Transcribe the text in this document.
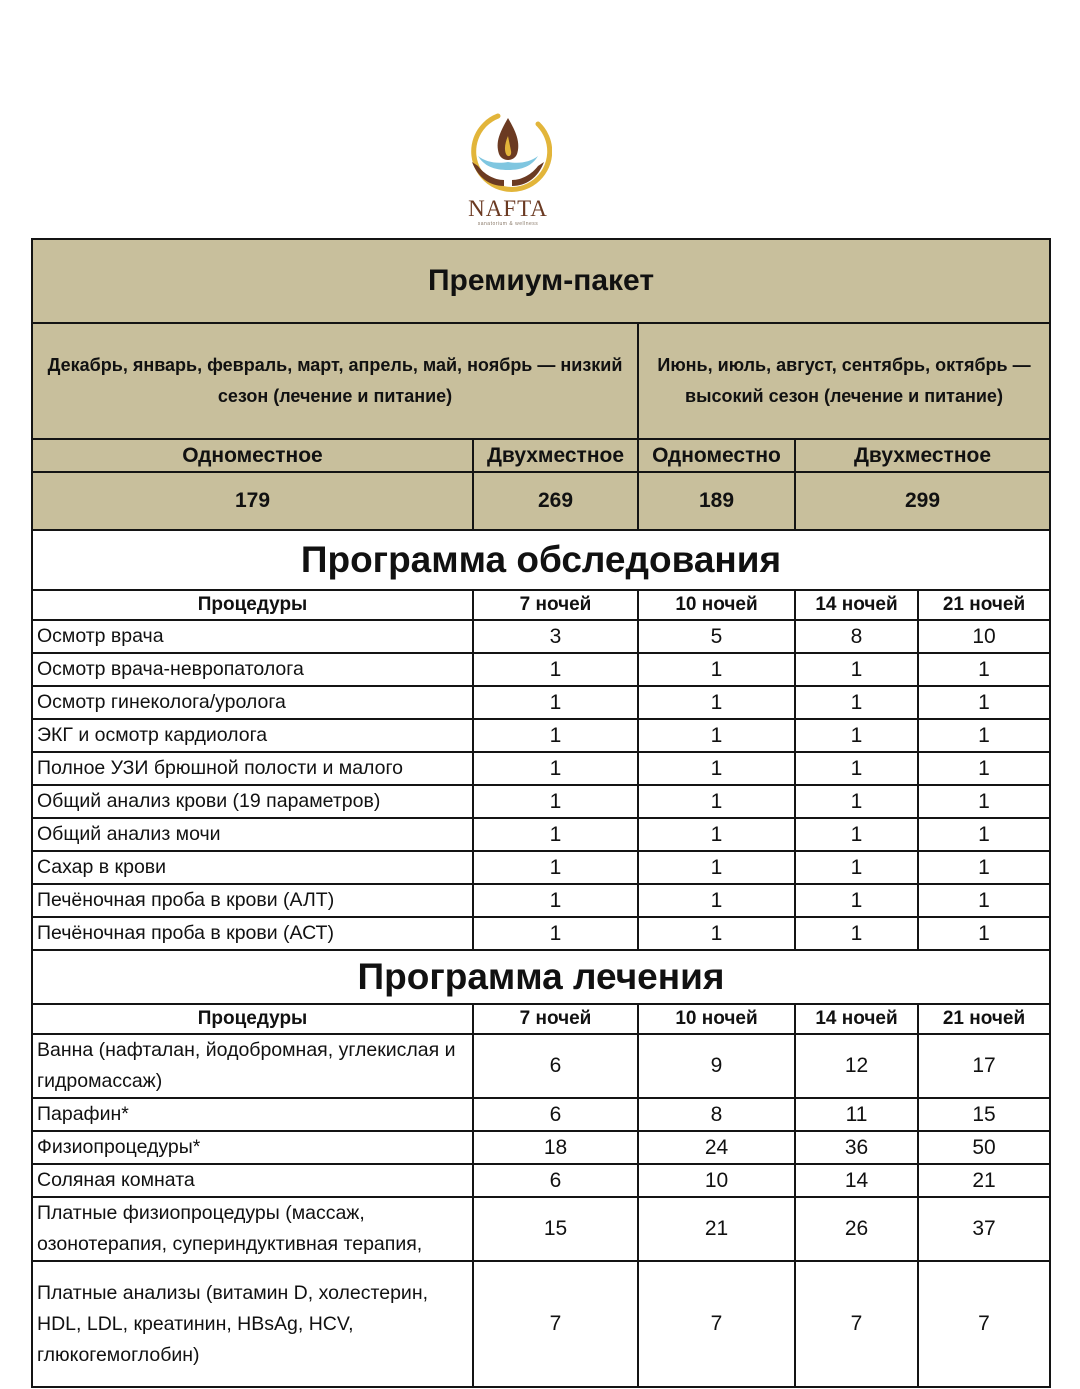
NAFTA
sanatorium & wellness
Премиум-пакет				
Декабрь, январь, февраль, март, апрель, май, ноябрь — низкий сезон (лечение и питание)		Июнь, июль, август, сентябрь, октябрь — высокий сезон (лечение и питание)		
Одноместное	Двухместное	Одноместно	Двухместное	
179	269	189	299	
Программа обследования				
Процедуры	7 ночей	10 ночей	14 ночей	21 ночей
Осмотр врача	3	5	8	10
Осмотр врача-невропатолога	1	1	1	1
Осмотр гинеколога/уролога	1	1	1	1
ЭКГ и осмотр кардиолога	1	1	1	1
Полное УЗИ брюшной полости и малого	1	1	1	1
Общий анализ крови (19 параметров)	1	1	1	1
Общий анализ мочи	1	1	1	1
Сахар в крови	1	1	1	1
Печёночная проба в крови (АЛТ)	1	1	1	1
Печёночная проба в крови (АСТ)	1	1	1	1
Программа лечения				
Процедуры	7 ночей	10 ночей	14 ночей	21 ночей
Ванна (нафталан, йодобромная, углекислая и гидромассаж)	6	9	12	17
Парафин*	6	8	11	15
Физиопроцедуры*	18	24	36	50
Соляная комната	6	10	14	21
Платные физиопроцедуры (массаж, озонотерапия, супериндуктивная терапия,	15	21	26	37
Платные анализы (витамин D, холестерин, HDL, LDL, креатинин, HBsAg, HCV, глюкогемоглобин)	7	7	7	7
